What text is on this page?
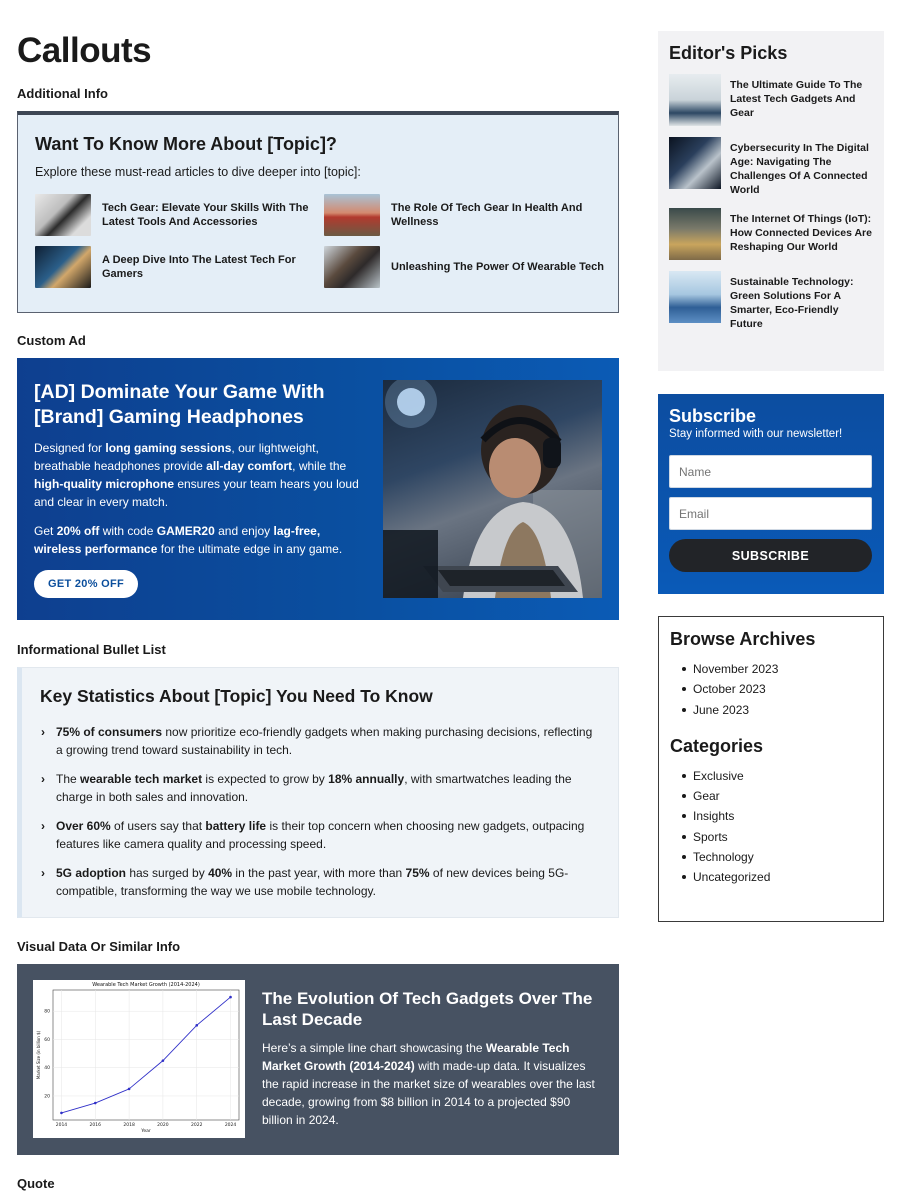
Callouts
Additional Info
Want To Know More About [Topic]?
Explore these must-read articles to dive deeper into [topic]:
Tech Gear: Elevate Your Skills With The Latest Tools And Accessories
The Role Of Tech Gear In Health And Wellness
A Deep Dive Into The Latest Tech For Gamers
Unleashing The Power Of Wearable Tech
Custom Ad
[AD] Dominate Your Game With [Brand] Gaming Headphones

Designed for long gaming sessions, our lightweight, breathable headphones provide all-day comfort, while the high-quality microphone ensures your team hears you loud and clear in every match.

Get 20% off with code GAMER20 and enjoy lag-free, wireless performance for the ultimate edge in any game.

GET 20% OFF
Informational Bullet List
Key Statistics About [Topic] You Need To Know
› 75% of consumers now prioritize eco-friendly gadgets when making purchasing decisions, reflecting a growing trend toward sustainability in tech.
› The wearable tech market is expected to grow by 18% annually, with smartwatches leading the charge in both sales and innovation.
› Over 60% of users say that battery life is their top concern when choosing new gadgets, outpacing features like camera quality and processing speed.
› 5G adoption has surged by 40% in the past year, with more than 75% of new devices being 5G-compatible, transforming the way we use mobile technology.
Visual Data Or Similar Info
20
40
60
80
2014	2016	2018	2020	2022	2024
Wearable Tech Market Growth (2014-2024)
Year
Market Size (in billion $)
The Evolution Of Tech Gadgets Over The Last Decade

Here’s a simple line chart showcasing the Wearable Tech Market Growth (2014-2024) with made-up data. It visualizes the rapid increase in the market size of wearables over the last decade, growing from $8 billion in 2014 to a projected $90 billion in 2024.

Quote
Editor's Picks
The Ultimate Guide To The Latest Tech Gadgets And Gear
Cybersecurity In The Digital Age: Navigating The Challenges Of A Connected World
The Internet Of Things (IoT): How Connected Devices Are Reshaping Our World
Sustainable Technology: Green Solutions For A Smarter, Eco-Friendly Future
Subscribe
Stay informed with our newsletter!
Name
Email
SUBSCRIBE
Browse Archives
November 2023
October 2023
June 2023
Categories
Exclusive
Gear
Insights
Sports
Technology
Uncategorized
